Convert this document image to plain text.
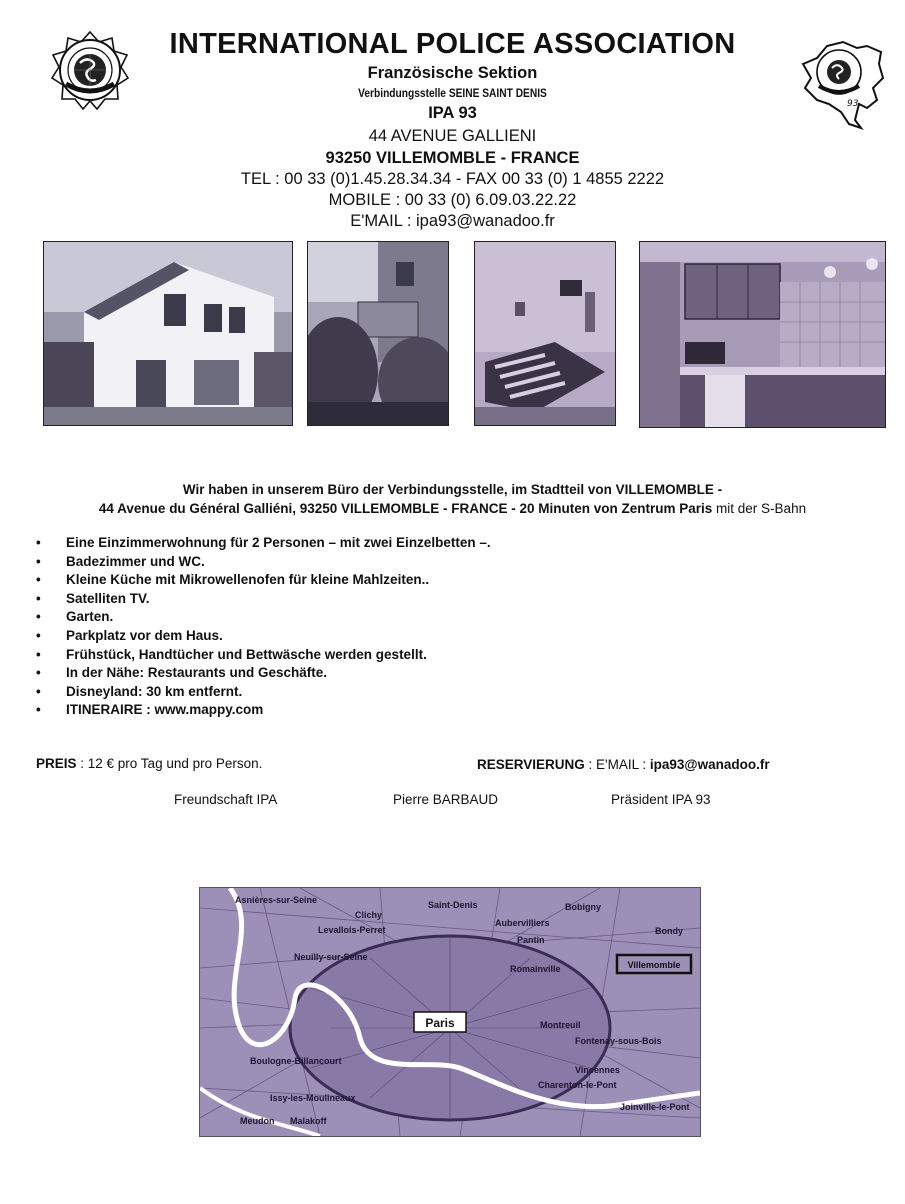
93
INTERNATIONAL POLICE ASSOCIATION
Französische Sektion
Verbindungsstelle SEINE SAINT DENIS
IPA 93
44 AVENUE GALLIENI
93250 VILLEMOMBLE - FRANCE
TEL : 00 33 (0)1.45.28.34.34 - FAX 00 33 (0) 1 4855 2222
MOBILE : 00 33 (0) 6.09.03.22.22
E'MAIL : ipa93@wanadoo.fr
Wir haben in unserem Büro der Verbindungsstelle, im Stadtteil von VILLEMOMBLE -
44 Avenue du Général Galliéni, 93250 VILLEMOMBLE - FRANCE - 20 Minuten von Zentrum Paris mit der S-Bahn
• Eine Einzimmerwohnung für 2 Personen – mit zwei Einzelbetten –.
• Badezimmer und WC.
• Kleine Küche mit Mikrowellenofen für kleine Mahlzeiten..
• Satelliten TV.
• Garten.
• Parkplatz vor dem Haus.
• Frühstück, Handtücher und Bettwäsche werden gestellt.
• In der Nähe: Restaurants und Geschäfte.
• Disneyland: 30 km entfernt.
• ITINERAIRE : www.mappy.com
PREIS : 12 € pro Tag und pro Person.	RESERVIERUNG : E'MAIL : ipa93@wanadoo.fr
Freundschaft IPA	Pierre BARBAUD	Präsident IPA 93
Asnières-sur-Seine
Clichy
Saint-Denis
Aubervilliers
Bobigny
Bondy
Levallois-Perret
Neuilly-sur-Seine
Pantin
Romainville
Montreuil
Fontenay-sous-Bois
Vincennes
Boulogne-Billancourt
Issy-les-Moulineaux
Charenton-le-Pont
Meudon Malakoff
Joinville-le-Pont
Paris
Villemomble
